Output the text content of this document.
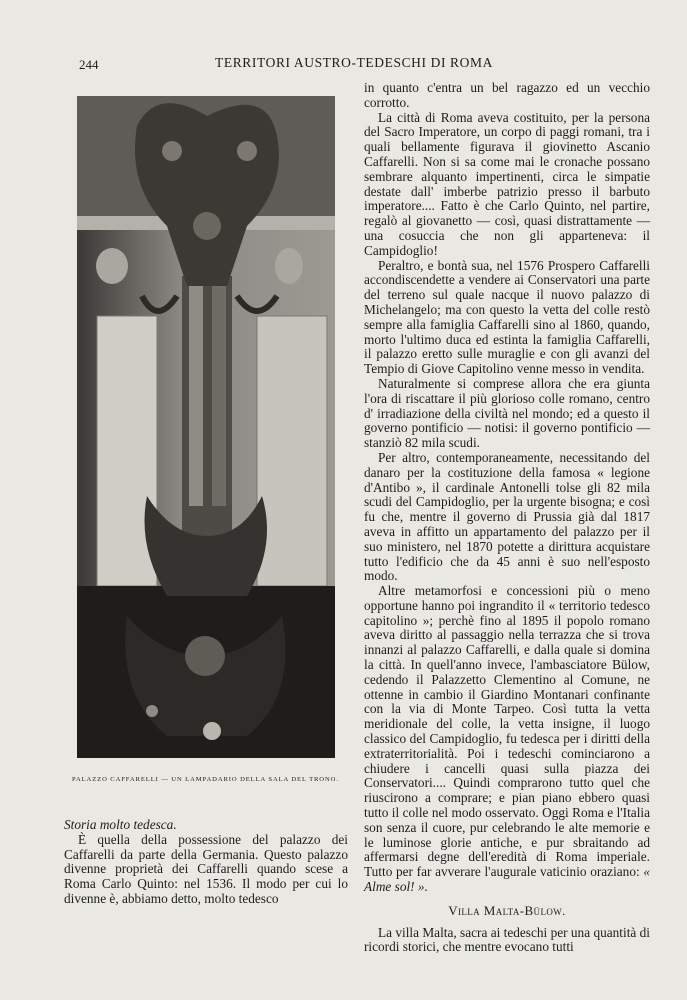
244	TERRITORI AUSTRO-TEDESCHI DI ROMA
PALAZZO CAFFARELLI — UN LAMPADARIO DELLA SALA DEL TRONO.

Storia molto tedesca.

È quella della possessione del palazzo dei Caffarelli da parte della Germania. Questo palazzo divenne proprietà dei Caffarelli quando scese a Roma Carlo Quinto: nel 1536. Il modo per cui lo divenne è, abbiamo detto, molto tedesco

in quanto c'entra un bel ragazzo ed un vecchio corrotto.

La città di Roma aveva costituito, per la persona del Sacro Imperatore, un corpo di paggi romani, tra i quali bellamente figurava il giovinetto Ascanio Caffarelli. Non si sa come mai le cronache possano sembrare alquanto impertinenti, circa le simpatie destate dall' imberbe patrizio presso il barbuto imperatore.... Fatto è che Carlo Quinto, nel partire, regalò al giovanetto — così, quasi distrattamente — una cosuccia che non gli apparteneva: il Campidoglio!

Peraltro, e bontà sua, nel 1576 Prospero Caffarelli accondiscendette a vendere ai Conservatori una parte del terreno sul quale nacque il nuovo palazzo di Michelangelo; ma con questo la vetta del colle restò sempre alla famiglia Caffarelli sino al 1860, quando, morto l'ultimo duca ed estinta la famiglia Caffarelli, il palazzo eretto sulle muraglie e con gli avanzi del Tempio di Giove Capitolino venne messo in vendita.

Naturalmente si comprese allora che era giunta l'ora di riscattare il più glorioso colle romano, centro d' irradiazione della civiltà nel mondo; ed a questo il governo pontificio — notisi: il governo pontificio — stanziò 82 mila scudi.

Per altro, contemporaneamente, necessitando del danaro per la costituzione della famosa « legione d'Antibo », il cardinale Antonelli tolse gli 82 mila scudi del Campidoglio, per la urgente bisogna; e così fu che, mentre il governo di Prussia già dal 1817 aveva in affitto un appartamento del palazzo per il suo ministero, nel 1870 potette a dirittura acquistare tutto l'edificio che da 45 anni è suo nell'esposto modo.

Altre metamorfosi e concessioni più o meno opportune hanno poi ingrandito il « territorio tedesco capitolino »; perchè fino al 1895 il popolo romano aveva diritto al passaggio nella terrazza che si trova innanzi al palazzo Caffarelli, e dalla quale si domina la città. In quell'anno invece, l'ambasciatore Bülow, cedendo il Palazzetto Clementino al Comune, ne ottenne in cambio il Giardino Montanari confinante con la via di Monte Tarpeo. Così tutta la vetta meridionale del colle, la vetta insigne, il luogo classico del Campidoglio, fu tedesca per i diritti della extraterritorialità. Poi i tedeschi cominciarono a chiudere i cancelli quasi sulla piazza dei Conservatori.... Quindi comprarono tutto quel che riuscirono a comprare; e pian piano ebbero quasi tutto il colle nel modo osservato. Oggi Roma e l'Italia son senza il cuore, pur celebrando le alte memorie e le luminose glorie antiche, e pur sbraitando ad affermarsi degne dell'eredità di Roma imperiale. Tutto per far avverare l'augurale vaticinio oraziano: « Alme sol! ».

Villa Malta-Bülow.

La villa Malta, sacra ai tedeschi per una quantità di ricordi storici, che mentre evocano tutti
